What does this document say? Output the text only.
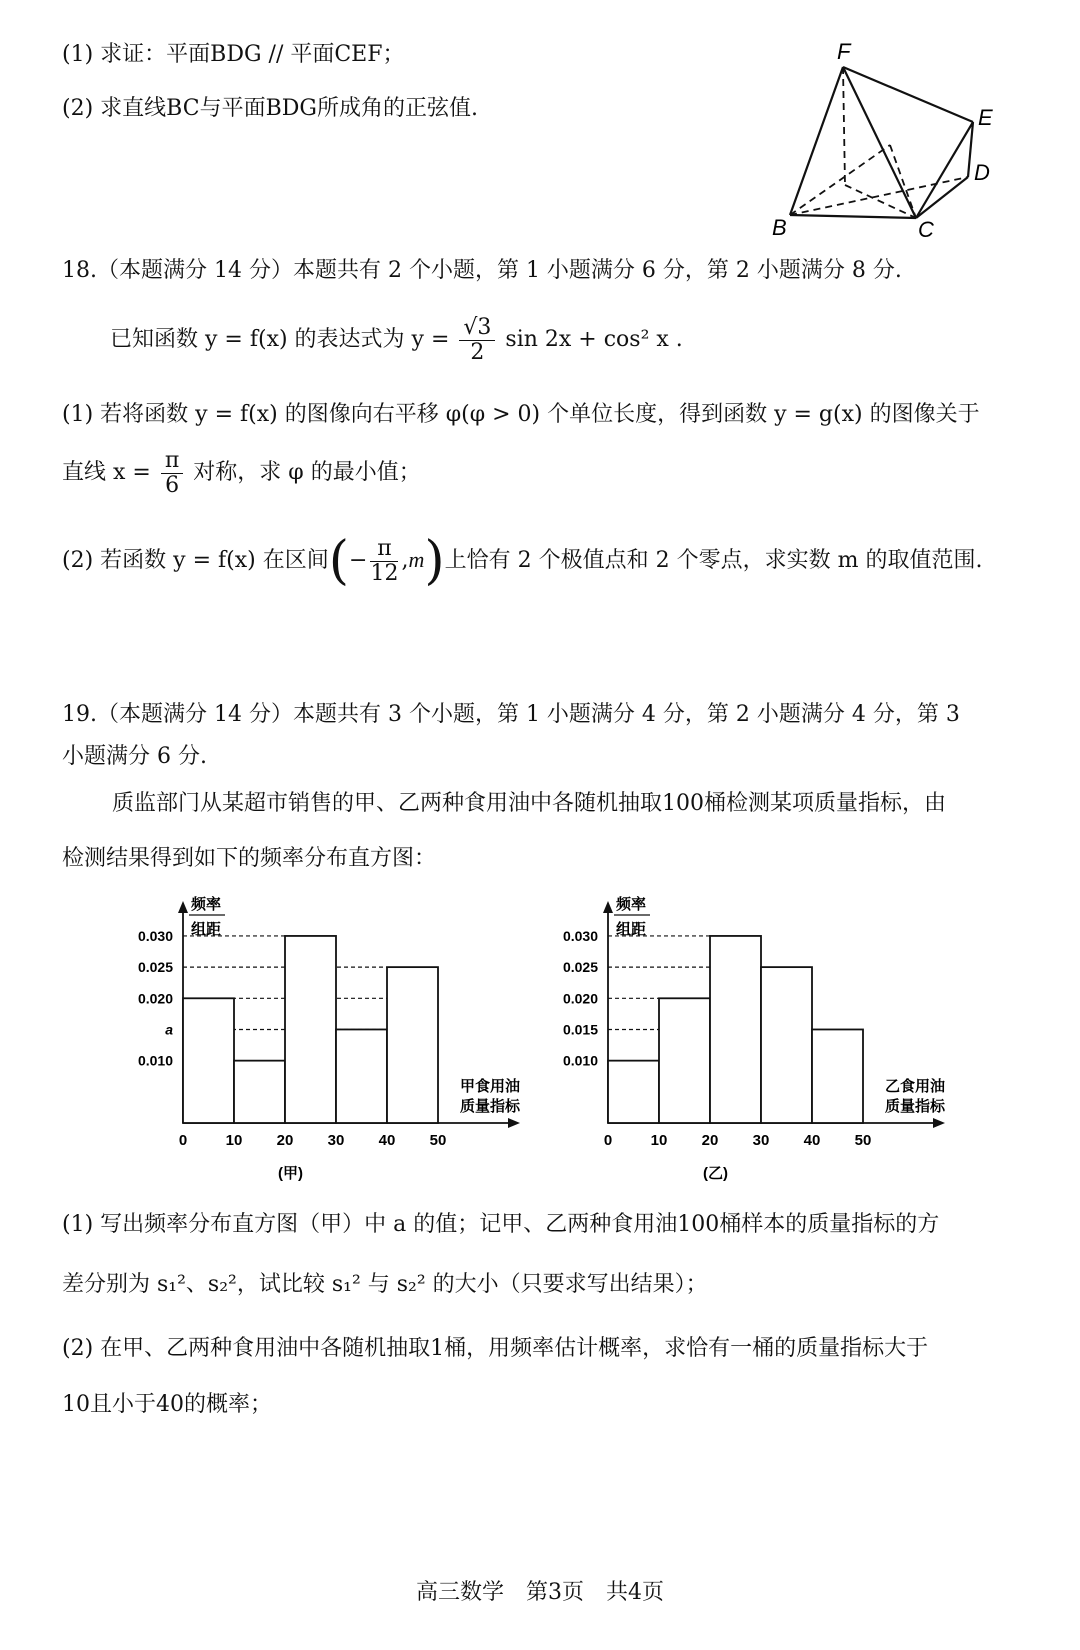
(1) 求证：平面BDG // 平面CEF；
(2) 求直线BC与平面BDG所成角的正弦值.
F
E
D
B	C
18.（本题满分 14 分）本题共有 2 个小题，第 1 小题满分 6 分，第 2 小题满分 8 分.
已知函数 y = f(x) 的表达式为 $y = \frac{√3}{2}$ sin 2x + cos² x .
(1) 若将函数 y = f(x) 的图像向右平移 φ(φ > 0) 个单位长度，得到函数 y = g(x) 的图像关于
直线 $x = \frac{\pi}{6}$ 对称，求 φ 的最小值；
(2) 若函数 y = f(x) 在区间(− $\frac{\pi}{12} ,m$)上恰有 2 个极值点和 2 个零点，求实数 m 的取值范围.
19.（本题满分 14 分）本题共有 3 个小题，第 1 小题满分 4 分，第 2 小题满分 4 分，第 3
小题满分 6 分.
质监部门从某超市销售的甲、乙两种食用油中各随机抽取100桶检测某项质量指标，由
检测结果得到如下的频率分布直方图：
频率
组距
0.010
a
0.020
0.025
0.030
0	10 20 30 40 50
甲食用油
质量指标
(甲)
频率
组距
0.010
0.015
0.020
0.025
0.030
0	10 20 30 40 50
乙食用油
质量指标
(乙)
(1) 写出频率分布直方图（甲）中 a 的值；记甲、乙两种食用油100桶样本的质量指标的方
差分别为 s₁²、s₂²，试比较 s₁² 与 s₂² 的大小（只要求写出结果）；
(2) 在甲、乙两种食用油中各随机抽取1桶，用频率估计概率，求恰有一桶的质量指标大于
10且小于40的概率；
高三数学　第3页　共4页
